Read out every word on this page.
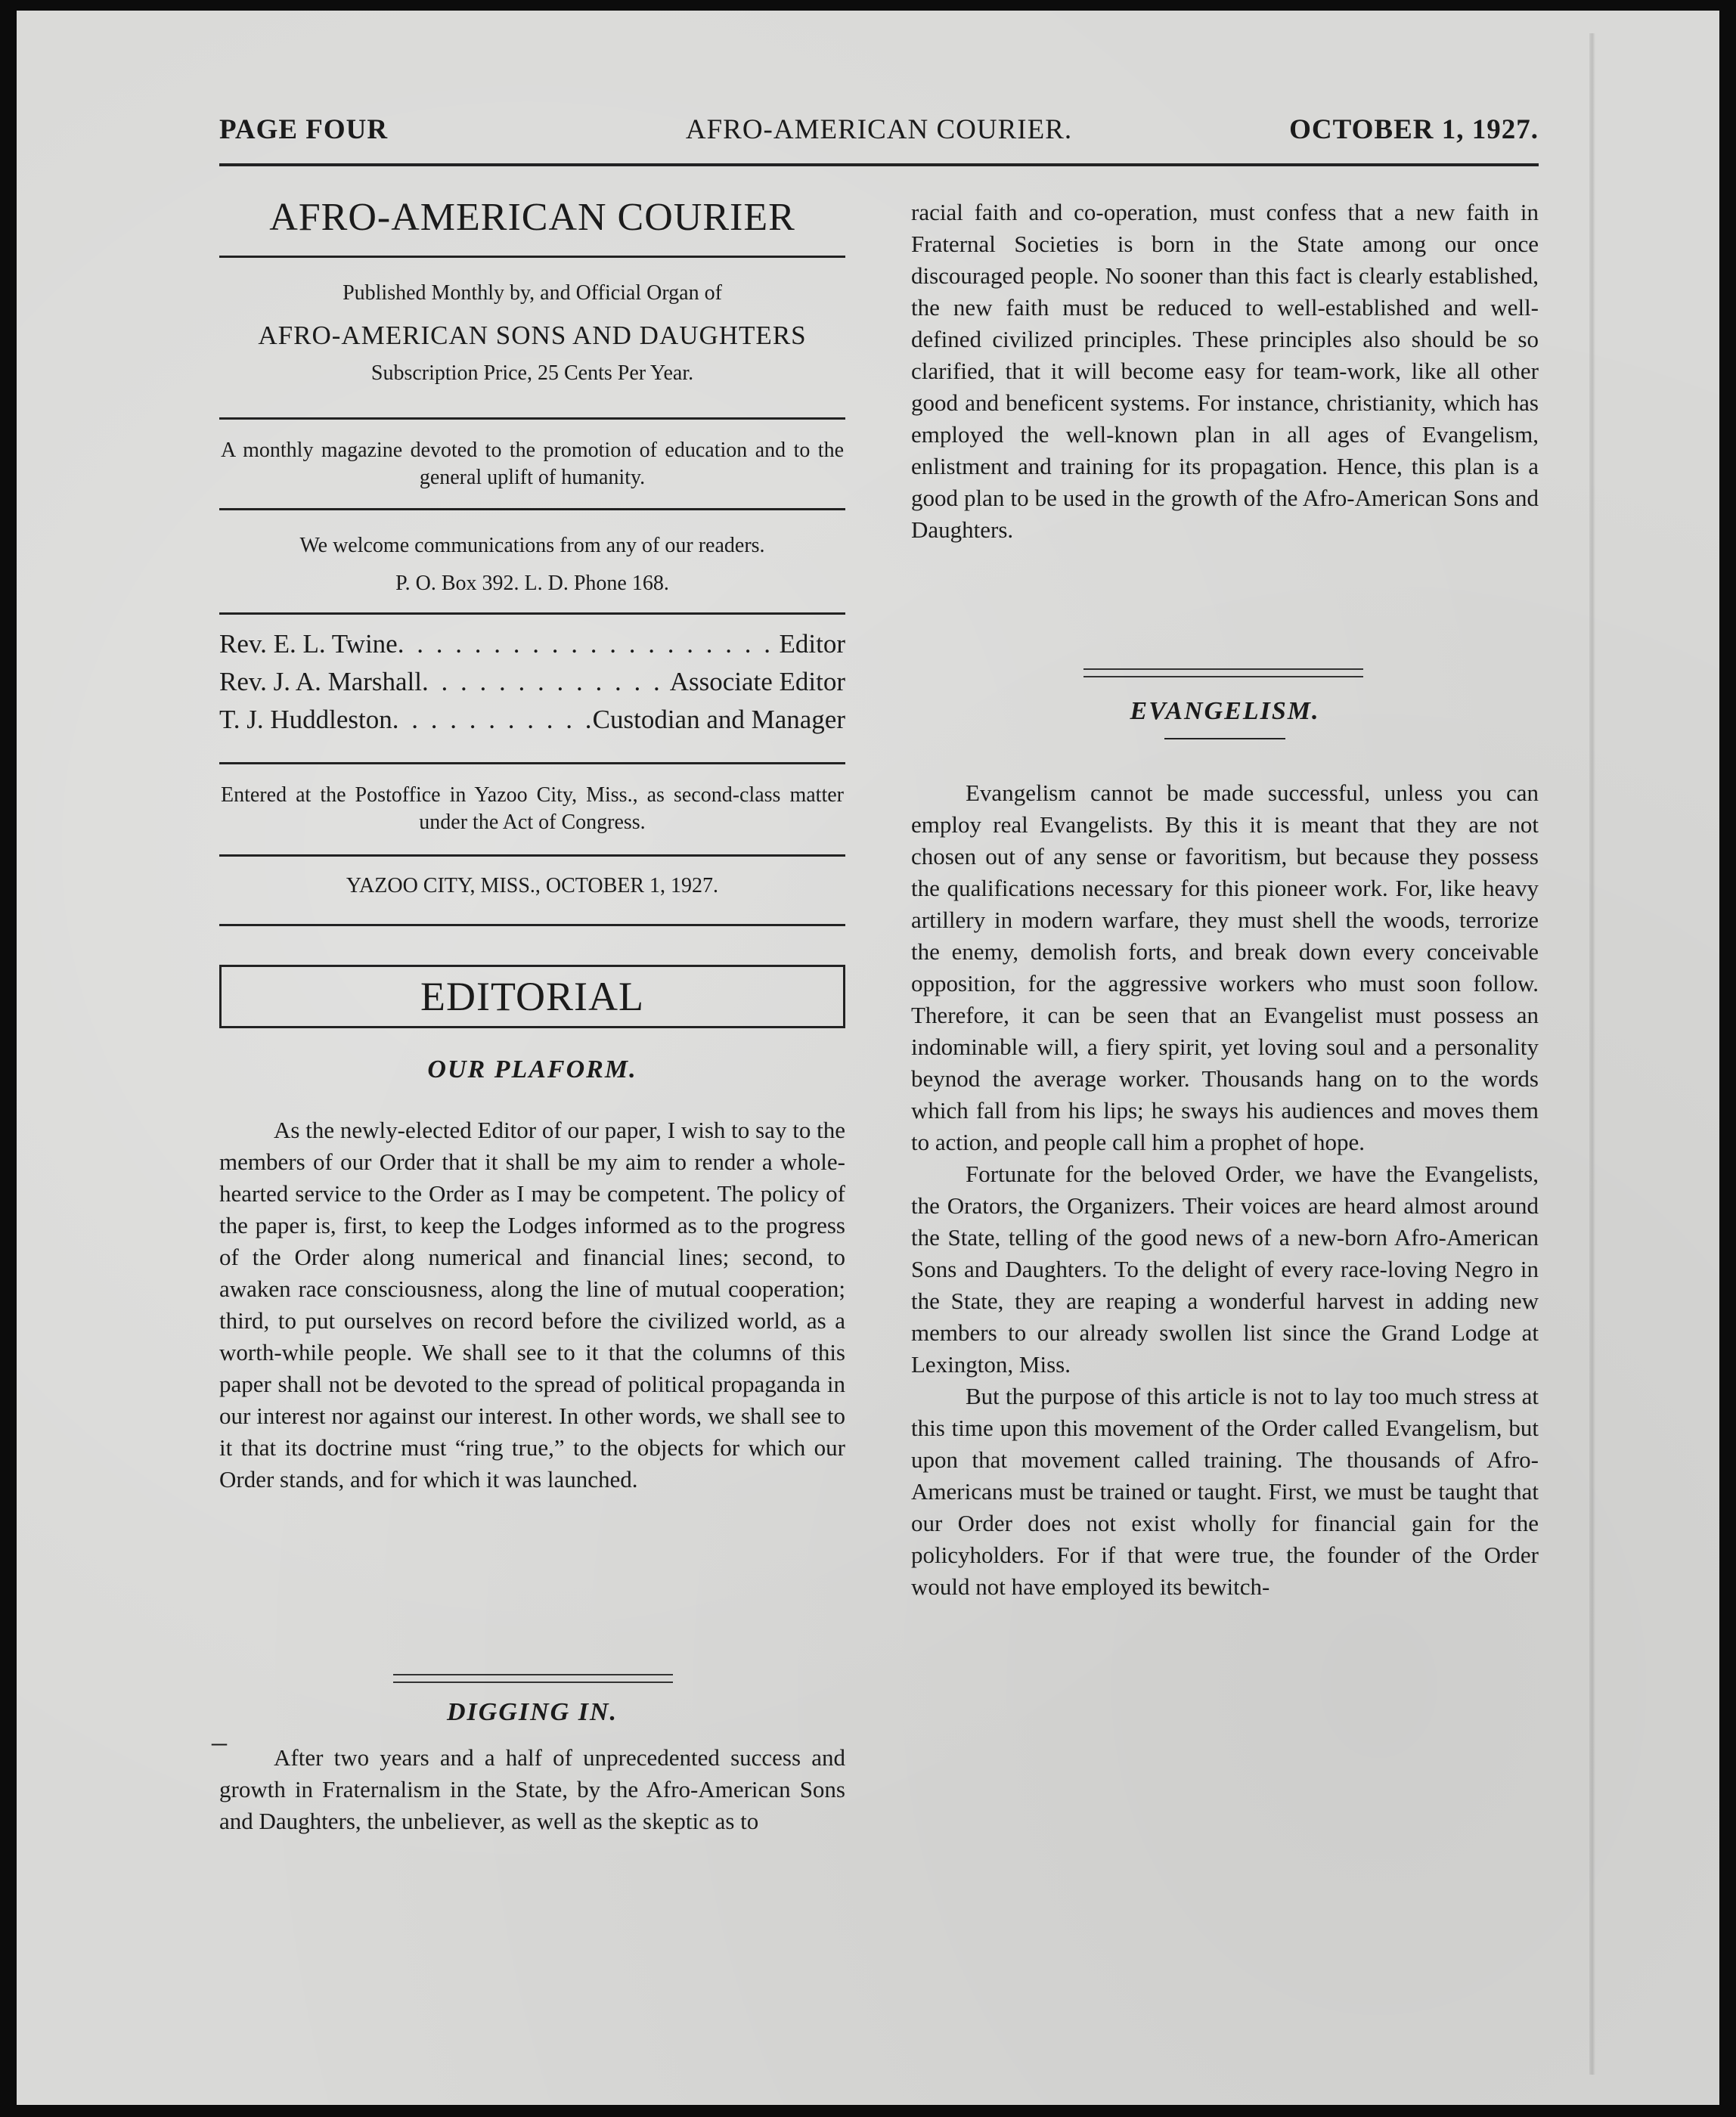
AFRO-AMERICAN COURIER.
PAGE FOUR	OCTOBER 1, 1927.
AFRO-AMERICAN COURIER
Published Monthly by, and Official Organ of
AFRO-AMERICAN SONS AND DAUGHTERS
Subscription Price, 25 Cents Per Year.
A monthly magazine devoted to the promotion of education and to the general uplift of humanity.
We welcome communications from any of our readers.
P. O. Box 392. L. D. Phone 168.
Rev. E. L. Twine . . .	Editor
Rev. J. A. Marshall . . .	Associate Editor
T. J. Huddleston . . .	Custodian and Manager
Entered at the Postoffice in Yazoo City, Miss., as second-class matter under the Act of Congress.
YAZOO CITY, MISS., OCTOBER 1, 1927.
EDITORIAL
OUR PLAFORM.

As the newly-elected Editor of our paper, I wish to say to the members of our Order that it shall be my aim to render a whole-hearted service to the Order as I may be competent. The policy of the paper is, first, to keep the Lodges informed as to the progress of the Order along numerical and financial lines; second, to awaken race consciousness, along the line of mutual cooperation; third, to put ourselves on record before the civilized world, as a worth-while people. We shall see to it that the columns of this paper shall not be devoted to the spread of political propaganda in our interest nor against our interest. In other words, we shall see to it that its doctrine must “ring true,” to the objects for which our Order stands, and for which it was launched.

DIGGING IN.
–	After two years and a half of unprecedented success and growth in Fraternalism in the State, by the Afro-American Sons and Daughters, the unbeliever, as well as the skeptic as to

racial faith and co-operation, must confess that a new faith in Fraternal Societies is born in the State among our once discouraged people. No sooner than this fact is clearly established, the new faith must be reduced to well-established and well-defined civilized principles. These principles also should be so clarified, that it will become easy for team-work, like all other good and beneficent systems. For instance, christianity, which has employed the well-known plan in all ages of Evangelism, enlistment and training for its propagation. Hence, this plan is a good plan to be used in the growth of the Afro-American Sons and Daughters.

EVANGELISM.

Evangelism cannot be made successful, unless you can employ real Evangelists. By this it is meant that they are not chosen out of any sense or favoritism, but because they possess the qualifications necessary for this pioneer work. For, like heavy artillery in modern warfare, they must shell the woods, terrorize the enemy, demolish forts, and break down every conceivable opposition, for the aggressive workers who must soon follow. Therefore, it can be seen that an Evangelist must possess an indominable will, a fiery spirit, yet loving soul and a personality beynod the average worker. Thousands hang on to the words which fall from his lips; he sways his audiences and moves them to action, and people call him a prophet of hope.

Fortunate for the beloved Order, we have the Evangelists, the Orators, the Organizers. Their voices are heard almost around the State, telling of the good news of a new-born Afro-American Sons and Daughters. To the delight of every race-loving Negro in the State, they are reaping a wonderful harvest in adding new members to our already swollen list since the Grand Lodge at Lexington, Miss.

But the purpose of this article is not to lay too much stress at this time upon this movement of the Order called Evangelism, but upon that movement called training. The thousands of Afro-Americans must be trained or taught. First, we must be taught that our Order does not exist wholly for financial gain for the policyholders. For if that were true, the founder of the Order would not have employed its bewitch-
